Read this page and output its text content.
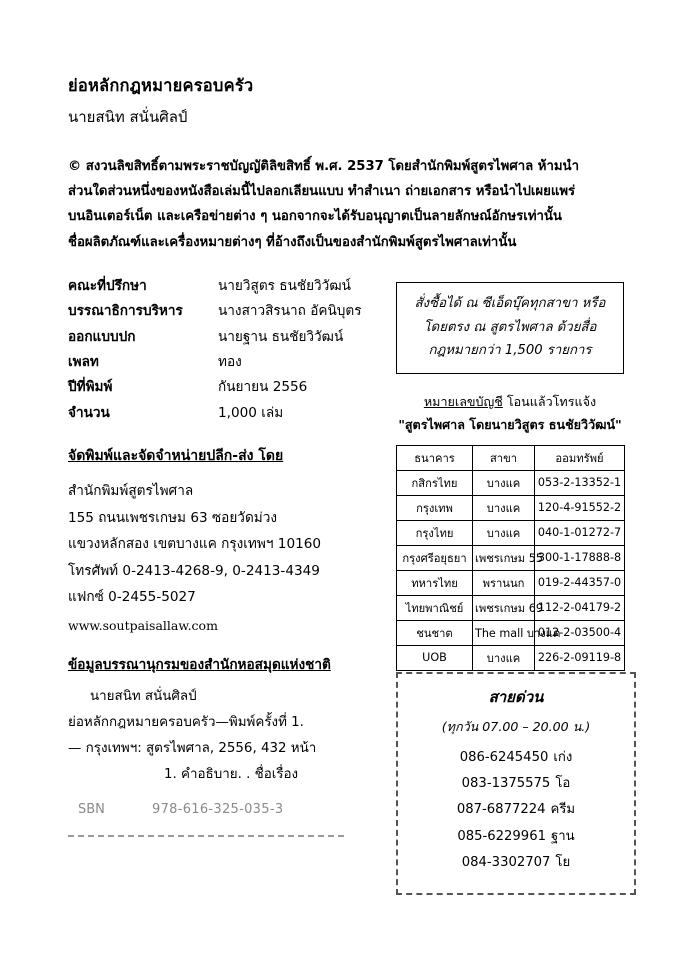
ย่อหลักกฎหมายครอบครัว
นายสนิท สนั่นศิลป์
© สงวนลิขสิทธิ์ตามพระราชบัญญัติลิขสิทธิ์ พ.ศ. 2537 โดยสำนักพิมพ์สูตรไพศาล ห้ามนำ
ส่วนใดส่วนหนึ่งของหนังสือเล่มนี้ไปลอกเลียนแบบ ทำสำเนา ถ่ายเอกสาร หรือนำไปเผยแพร่
บนอินเตอร์เน็ต และเครือข่ายต่าง ๆ นอกจากจะได้รับอนุญาตเป็นลายลักษณ์อักษรเท่านั้น
ชื่อผลิตภัณฑ์และเครื่องหมายต่างๆ ที่อ้างถึงเป็นของสำนักพิมพ์สูตรไพศาลเท่านั้น
คณะที่ปรึกษา	นายวิสูตร ธนชัยวิวัฒน์
บรรณาธิการบริหาร	นางสาวสิรนาถ อัคนิบุตร
ออกแบบปก	นายฐาน ธนชัยวิวัฒน์
เพลท	ทอง
ปีที่พิมพ์	กันยายน 2556
จำนวน	1,000 เล่ม
จัดพิมพ์และจัดจำหน่ายปลีก-ส่ง โดย
สำนักพิมพ์สูตรไพศาล
155 ถนนเพชรเกษม 63 ซอยวัดม่วง
แขวงหลักสอง เขตบางแค กรุงเทพฯ 10160
โทรศัพท์ 0-2413-4268-9, 0-2413-4349
แฟกซ์ 0-2455-5027
www.soutpaisallaw.com
ข้อมูลบรรณานุกรมของสำนักหอสมุดแห่งชาติ
นายสนิท สนั่นศิลป์
ย่อหลักกฎหมายครอบครัว—พิมพ์ครั้งที่ 1.
— กรุงเทพฯ: สูตรไพศาล, 2556, 432 หน้า
1. คำอธิบาย. . ชื่อเรื่อง
SBN	978-616-325-035-3
สั่งซื้อได้ ณ ซีเอ็ดบุ๊คทุกสาขา หรือ
โดยตรง ณ สูตรไพศาล ด้วยสื่อ
กฎหมายกว่า 1,500 รายการ
หมายเลขบัญชี โอนแล้วโทรแจ้ง
"สูตรไพศาล โดยนายวิสูตร ธนชัยวิวัฒน์"
ธนาคาร	สาขา	ออมทรัพย์
กสิกรไทย	บางแค	053-2-13352-1
กรุงเทพ	บางแค	120-4-91552-2
กรุงไทย	บางแค	040-1-01272-7
กรุงศรีอยุธยา	เพชรเกษม 55	300-1-17888-8
ทหารไทย	พรานนก	019-2-44357-0
ไทยพาณิชย์	เพชรเกษม 69	112-2-04179-2
ชนชาต	The mall บางแค	012-2-03500-4
UOB	บางแค	226-2-09119-8
สายด่วน
(ทุกวัน 07.00 – 20.00 น.)
086-6245450 เก่ง
083-1375575 โอ
087-6877224 ครีม
085-6229961 ฐาน
084-3302707 โย
